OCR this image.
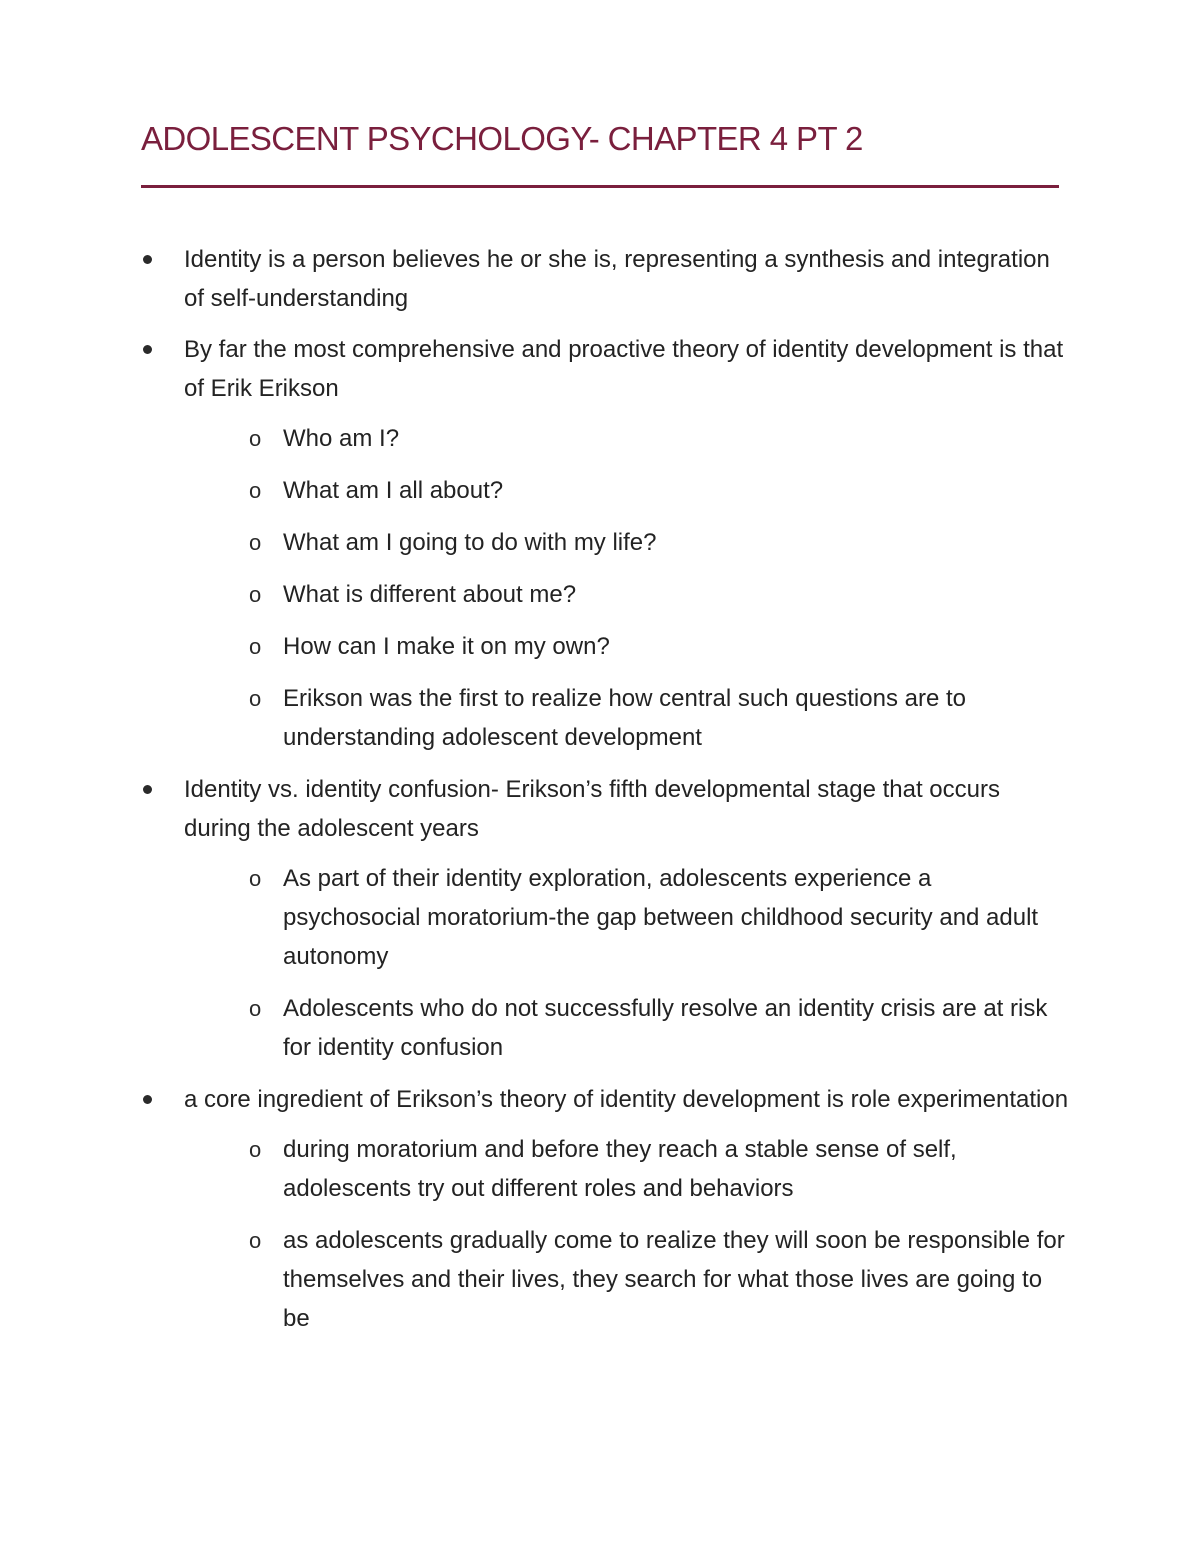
ADOLESCENT PSYCHOLOGY- CHAPTER 4 PT 2
Identity is a person believes he or she is, representing a synthesis and integration of self-understanding
By far the most comprehensive and proactive theory of identity development is that of Erik Erikson
o Who am I?
o What am I all about?
o What am I going to do with my life?
o What is different about me?
o How can I make it on my own?
o Erikson was the first to realize how central such questions are to understanding adolescent development
Identity vs. identity confusion- Erikson’s fifth developmental stage that occurs during the adolescent years
o As part of their identity exploration, adolescents experience a psychosocial moratorium-the gap between childhood security and adult autonomy
o Adolescents who do not successfully resolve an identity crisis are at risk for identity confusion
a core ingredient of Erikson’s theory of identity development is role experimentation
o during moratorium and before they reach a stable sense of self, adolescents try out different roles and behaviors
o as adolescents gradually come to realize they will soon be responsible for themselves and their lives, they search for what those lives are going to be
